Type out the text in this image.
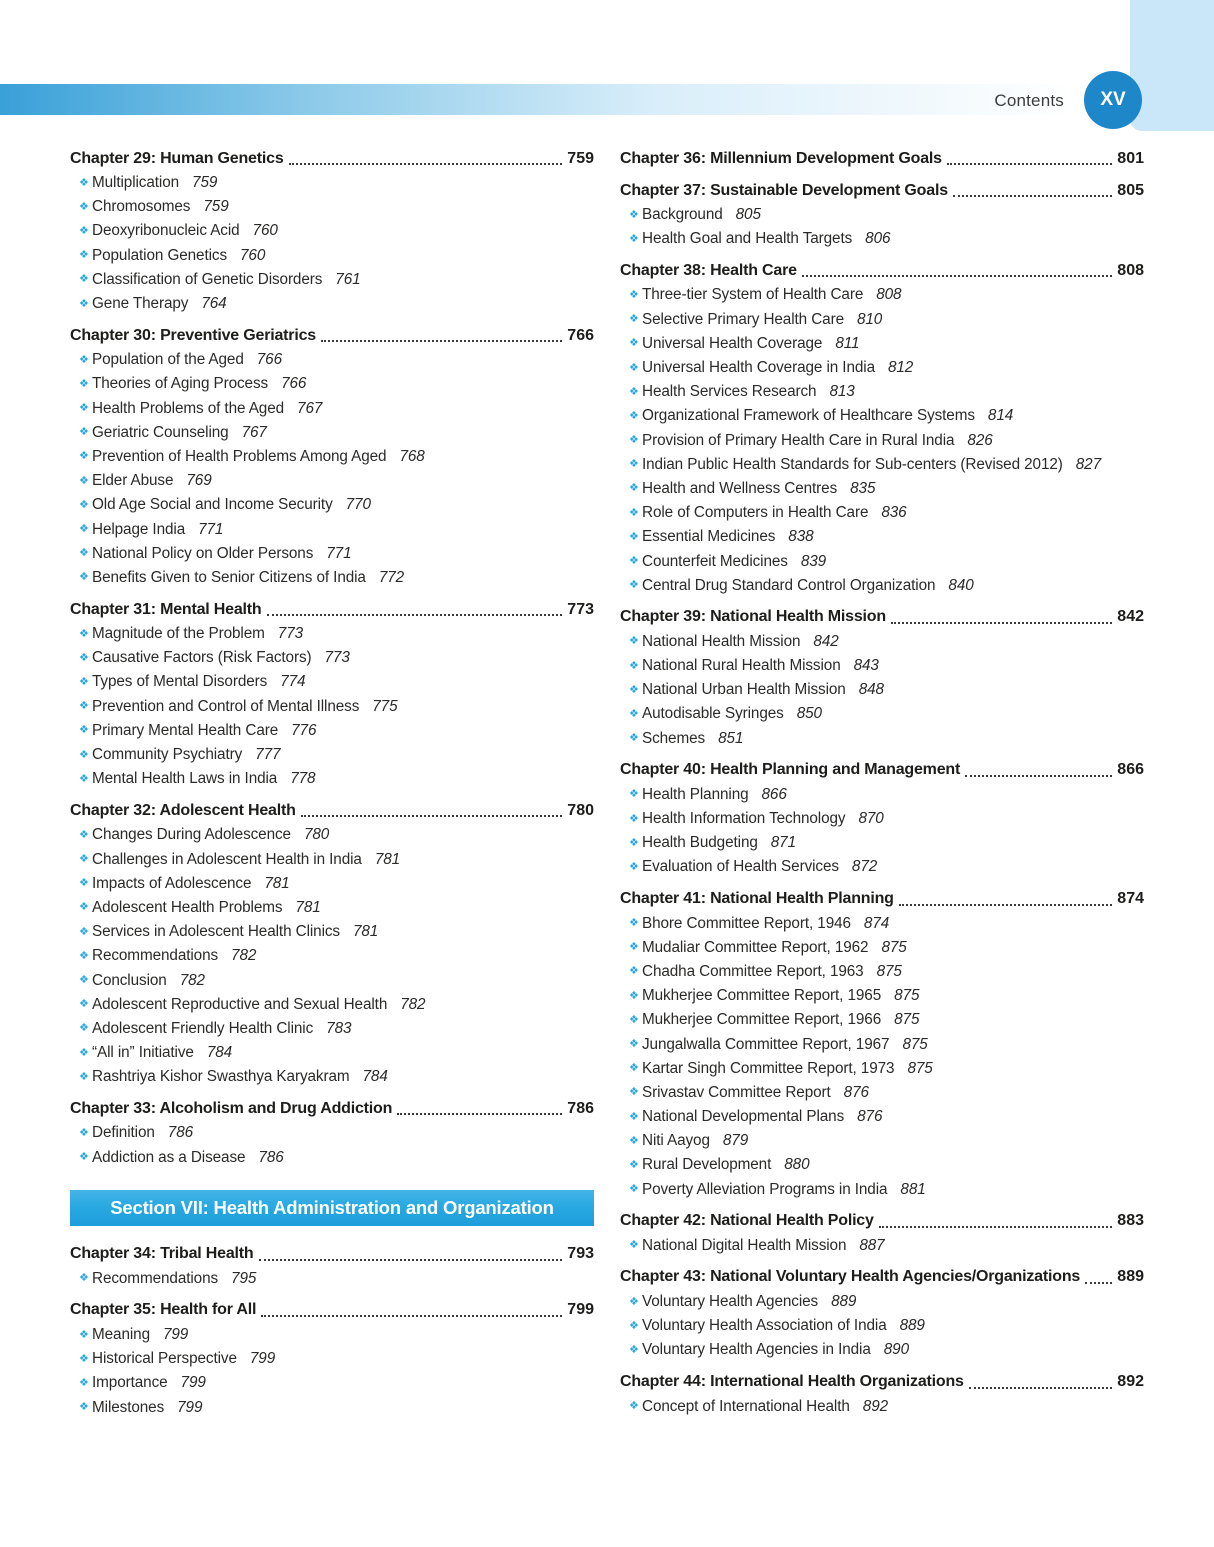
Contents	XV
Chapter 29: Human Genetics	759
❖ Multiplication 759
❖ Chromosomes 759
❖ Deoxyribonucleic Acid 760
❖ Population Genetics 760
❖ Classification of Genetic Disorders 761
❖ Gene Therapy 764
Chapter 30: Preventive Geriatrics	766
❖ Population of the Aged 766
❖ Theories of Aging Process 766
❖ Health Problems of the Aged 767
❖ Geriatric Counseling 767
❖ Prevention of Health Problems Among Aged 768
❖ Elder Abuse 769
❖ Old Age Social and Income Security 770
❖ Helpage India 771
❖ National Policy on Older Persons 771
❖ Benefits Given to Senior Citizens of India 772
Chapter 31: Mental Health	773
❖ Magnitude of the Problem 773
❖ Causative Factors (Risk Factors) 773
❖ Types of Mental Disorders 774
❖ Prevention and Control of Mental Illness 775
❖ Primary Mental Health Care 776
❖ Community Psychiatry 777
❖ Mental Health Laws in India 778
Chapter 32: Adolescent Health	780
❖ Changes During Adolescence 780
❖ Challenges in Adolescent Health in India 781
❖ Impacts of Adolescence 781
❖ Adolescent Health Problems 781
❖ Services in Adolescent Health Clinics 781
❖ Recommendations 782
❖ Conclusion 782
❖ Adolescent Reproductive and Sexual Health 782
❖ Adolescent Friendly Health Clinic 783
❖ “All in” Initiative 784
❖ Rashtriya Kishor Swasthya Karyakram 784
Chapter 33: Alcoholism and Drug Addiction	786
❖ Definition 786
❖ Addiction as a Disease 786
Section VII: Health Administration and Organization
Chapter 34: Tribal Health	793
❖ Recommendations 795
Chapter 35: Health for All	799
❖ Meaning 799
❖ Historical Perspective 799
❖ Importance 799
❖ Milestones 799
Chapter 36: Millennium Development Goals	801
Chapter 37: Sustainable Development Goals	805
❖ Background 805
❖ Health Goal and Health Targets 806
Chapter 38: Health Care	808
❖ Three-tier System of Health Care 808
❖ Selective Primary Health Care 810
❖ Universal Health Coverage 811
❖ Universal Health Coverage in India 812
❖ Health Services Research 813
❖ Organizational Framework of Healthcare Systems 814
❖ Provision of Primary Health Care in Rural India 826
❖ Indian Public Health Standards for Sub-centers (Revised 2012) 827
❖ Health and Wellness Centres 835
❖ Role of Computers in Health Care 836
❖ Essential Medicines 838
❖ Counterfeit Medicines 839
❖ Central Drug Standard Control Organization 840
Chapter 39: National Health Mission	842
❖ National Health Mission 842
❖ National Rural Health Mission 843
❖ National Urban Health Mission 848
❖ Autodisable Syringes 850
❖ Schemes 851
Chapter 40: Health Planning and Management	866
❖ Health Planning 866
❖ Health Information Technology 870
❖ Health Budgeting 871
❖ Evaluation of Health Services 872
Chapter 41: National Health Planning	874
❖ Bhore Committee Report, 1946 874
❖ Mudaliar Committee Report, 1962 875
❖ Chadha Committee Report, 1963 875
❖ Mukherjee Committee Report, 1965 875
❖ Mukherjee Committee Report, 1966 875
❖ Jungalwalla Committee Report, 1967 875
❖ Kartar Singh Committee Report, 1973 875
❖ Srivastav Committee Report 876
❖ National Developmental Plans 876
❖ Niti Aayog 879
❖ Rural Development 880
❖ Poverty Alleviation Programs in India 881
Chapter 42: National Health Policy	883
❖ National Digital Health Mission 887
Chapter 43: National Voluntary Health Agencies/Organizations 889
❖ Voluntary Health Agencies 889
❖ Voluntary Health Association of India 889
❖ Voluntary Health Agencies in India 890
Chapter 44: International Health Organizations	892
❖ Concept of International Health 892
